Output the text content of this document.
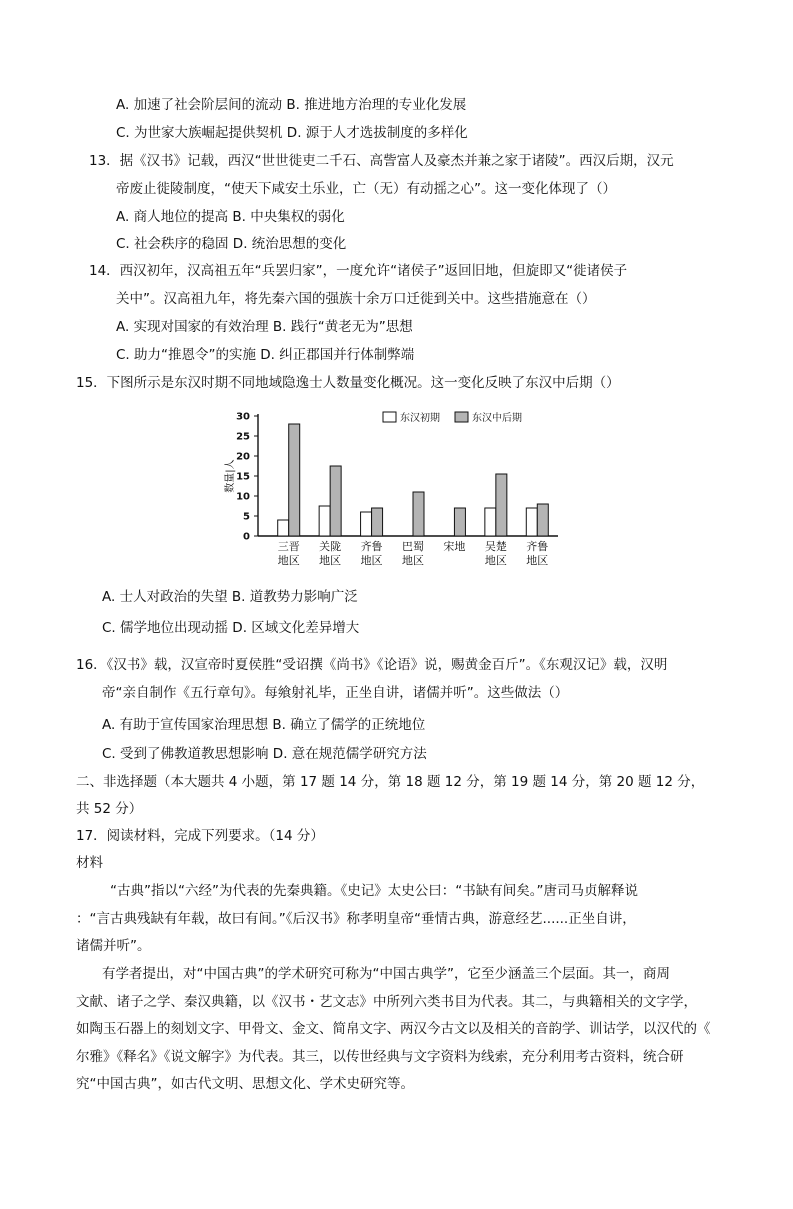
A. 加速了社会阶层间的流动 B. 推进地方治理的专业化发展
C. 为世家大族崛起提供契机 D. 源于人才选拔制度的多样化
13．据《汉书》记载，西汉“世世徙吏二千石、高訾富人及豪杰并兼之家于诸陵”。西汉后期，汉元
帝废止徙陵制度，“使天下咸安土乐业，亡（无）有动摇之心”。这一变化体现了（）
A. 商人地位的提高 B. 中央集权的弱化
C. 社会秩序的稳固 D. 统治思想的变化
14．西汉初年，汉高祖五年“兵罢归家”，一度允许“诸侯子”返回旧地，但旋即又“徙诸侯子
关中”。汉高祖九年，将先秦六国的强族十余万口迁徙到关中。这些措施意在（）
A. 实现对国家的有效治理 B. 践行“黄老无为”思想
C. 助力“推恩令”的实施 D. 纠正郡国并行体制弊端
15．下图所示是东汉时期不同地域隐逸士人数量变化概况。这一变化反映了东汉中后期（）
0
5
10
15
20
25
30
数量|人
三晋
地区
关陇
地区
齐鲁
地区
巴蜀
地区
宋地 吴楚
地区
齐鲁
地区
东汉初期	东汉中后期
A. 士人对政治的失望 B. 道教势力影响广泛
C. 儒学地位出现动摇 D. 区域文化差异增大
16．《汉书》载，汉宣帝时夏侯胜“受诏撰《尚书》《论语》说，赐黄金百斤”。《东观汉记》载，汉明
帝“亲自制作《五行章句》。每飨射礼毕，正坐自讲，诸儒并听”。这些做法（）
A. 有助于宣传国家治理思想 B. 确立了儒学的正统地位
C. 受到了佛教道教思想影响 D. 意在规范儒学研究方法
二、非选择题（本大题共 4 小题，第 17 题 14 分，第 18 题 12 分，第 19 题 14 分，第 20 题 12 分，
共 52 分）
17．阅读材料，完成下列要求。（14 分）
材料
“古典”指以“六经”为代表的先秦典籍。《史记》太史公曰：“书缺有间矣。”唐司马贞解释说
：“言古典残缺有年载，故曰有间。”《后汉书》称孝明皇帝“垂情古典，游意经艺......正坐自讲，
诸儒并听”。
有学者提出，对“中国古典”的学术研究可称为“中国古典学”，它至少涵盖三个层面。其一，商周
文献、诸子之学、秦汉典籍，以《汉书・艺文志》中所列六类书目为代表。其二，与典籍相关的文字学，
如陶玉石器上的刻划文字、甲骨文、金文、简帛文字、两汉今古文以及相关的音韵学、训诂学，以汉代的《
尔雅》《释名》《说文解字》为代表。其三，以传世经典与文字资料为线索，充分利用考古资料，统合研
究“中国古典”，如古代文明、思想文化、学术史研究等。
